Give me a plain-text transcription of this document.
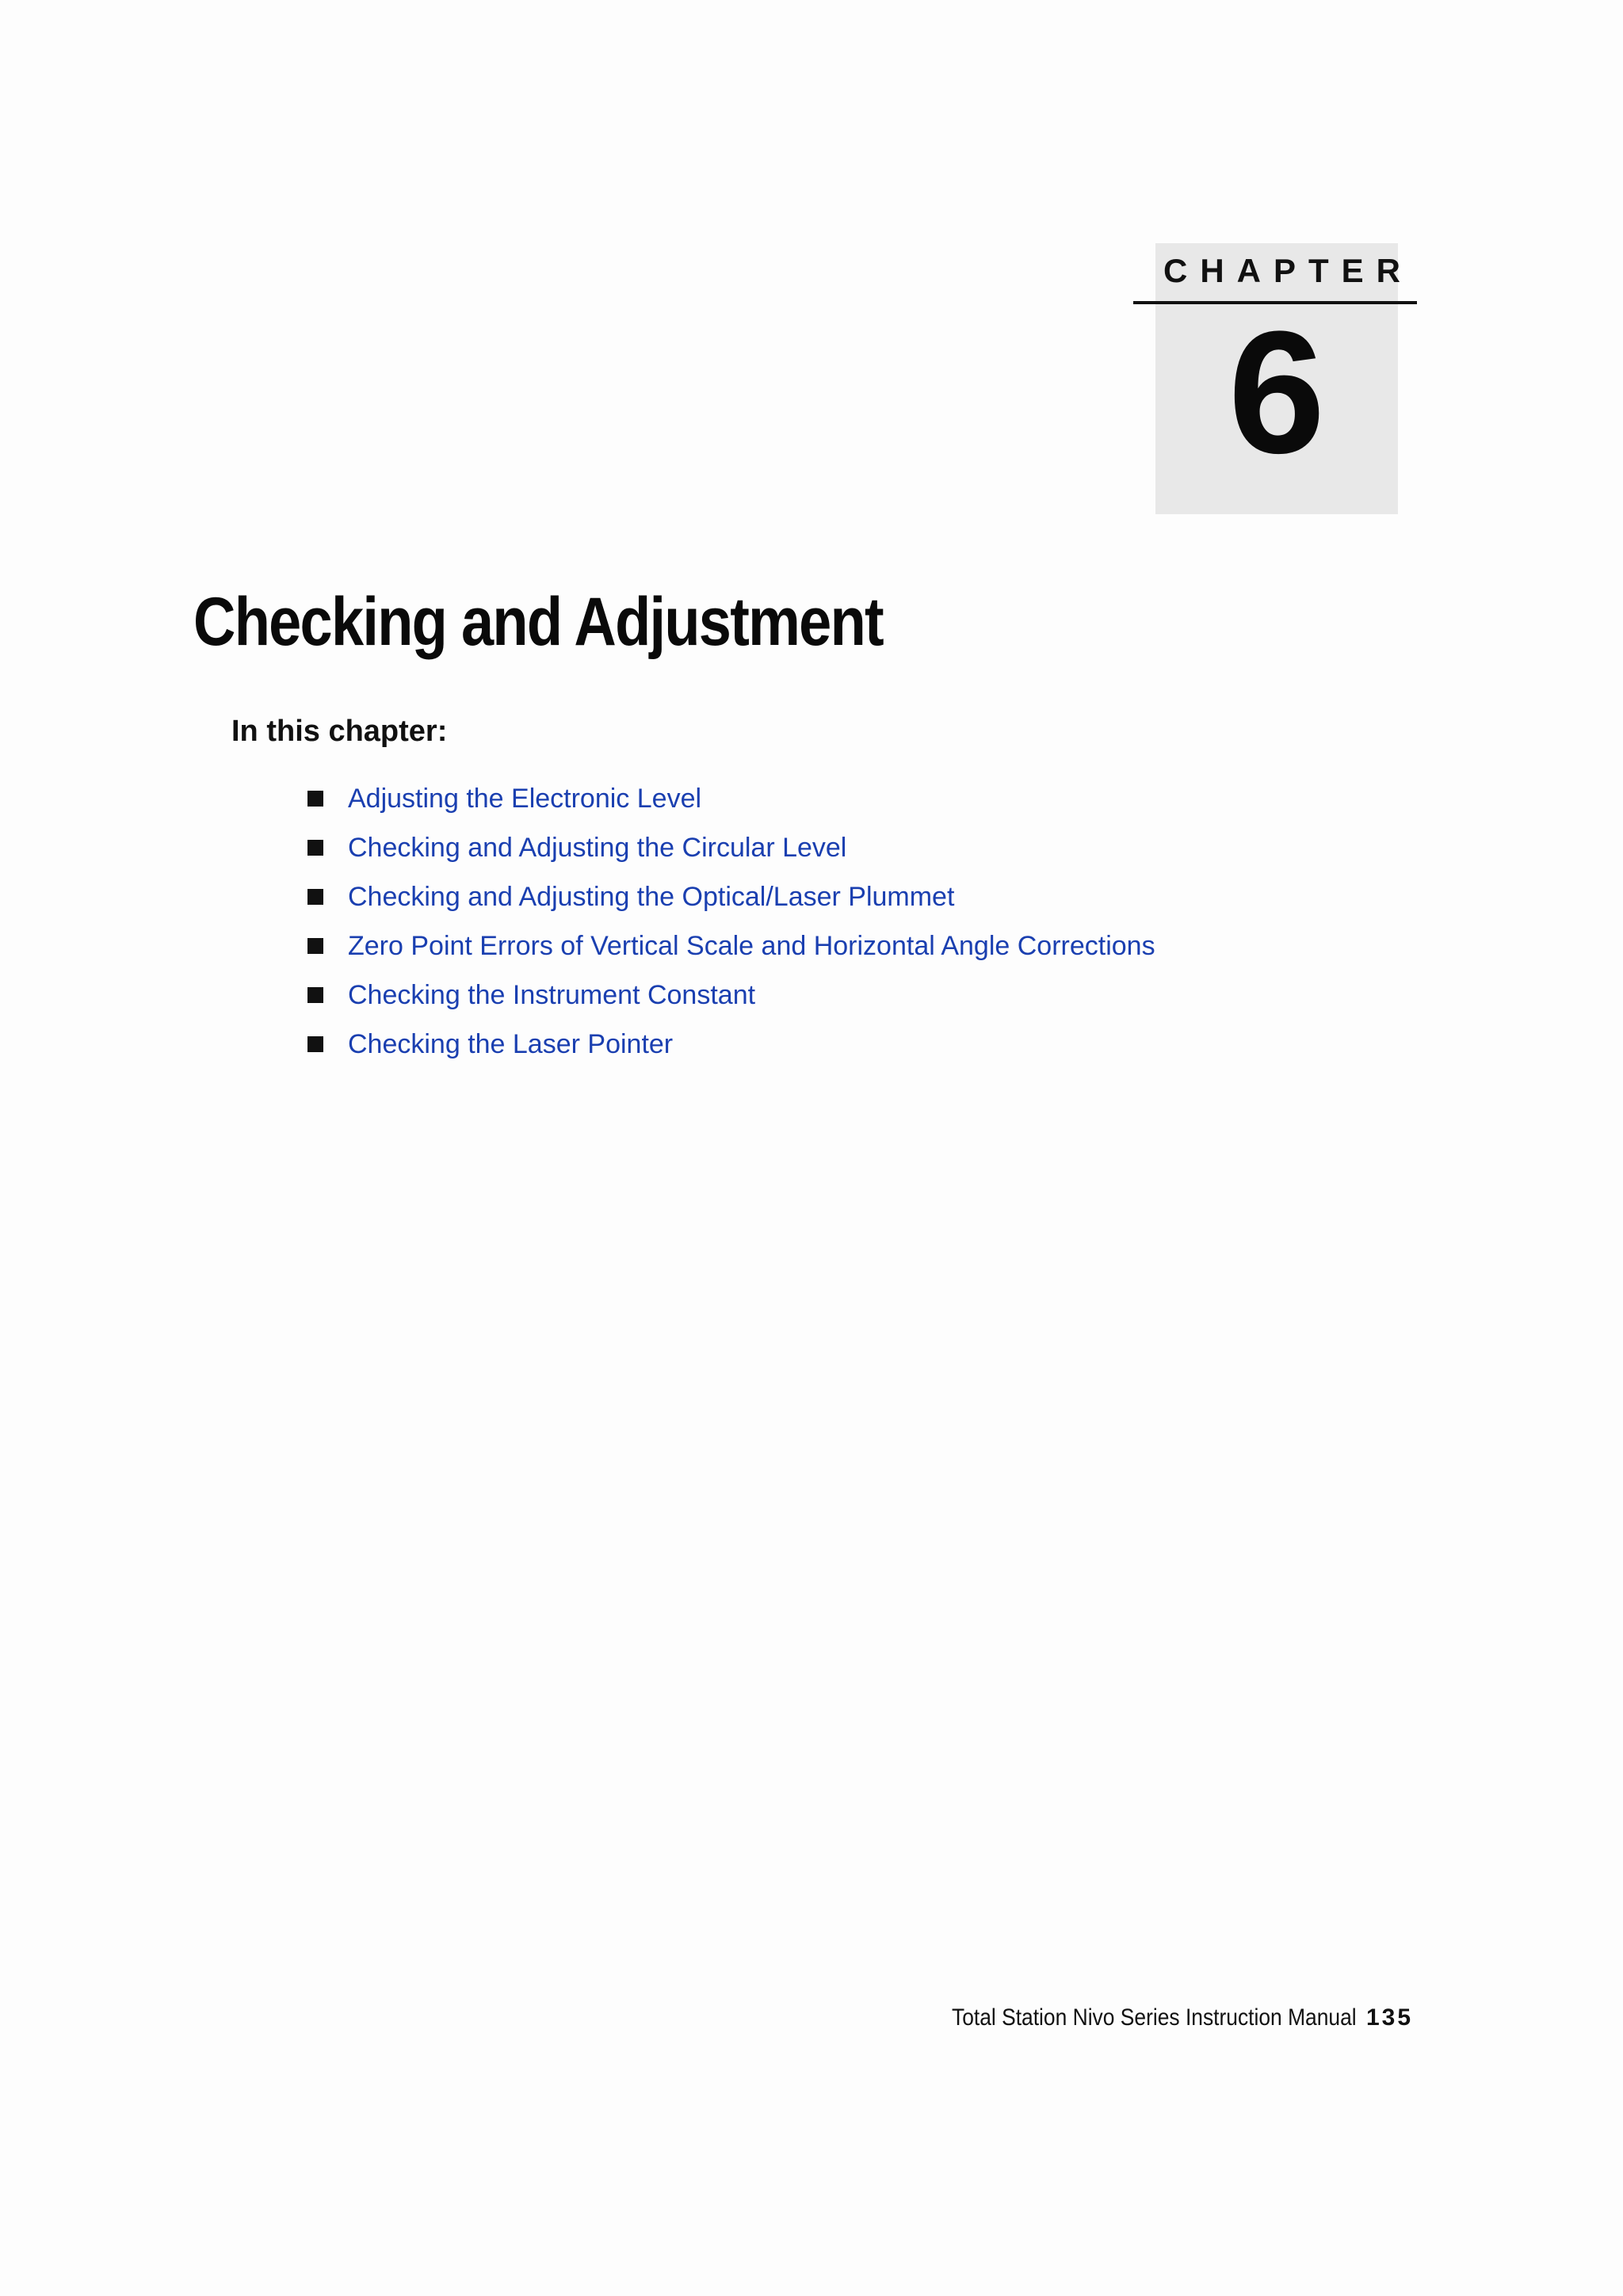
CHAPTER
6
Checking and Adjustment
In this chapter:
Adjusting the Electronic Level
Checking and Adjusting the Circular Level
Checking and Adjusting the Optical/Laser Plummet
Zero Point Errors of Vertical Scale and Horizontal Angle Corrections
Checking the Instrument Constant
Checking the Laser Pointer
Total Station Nivo Series Instruction Manual 135
